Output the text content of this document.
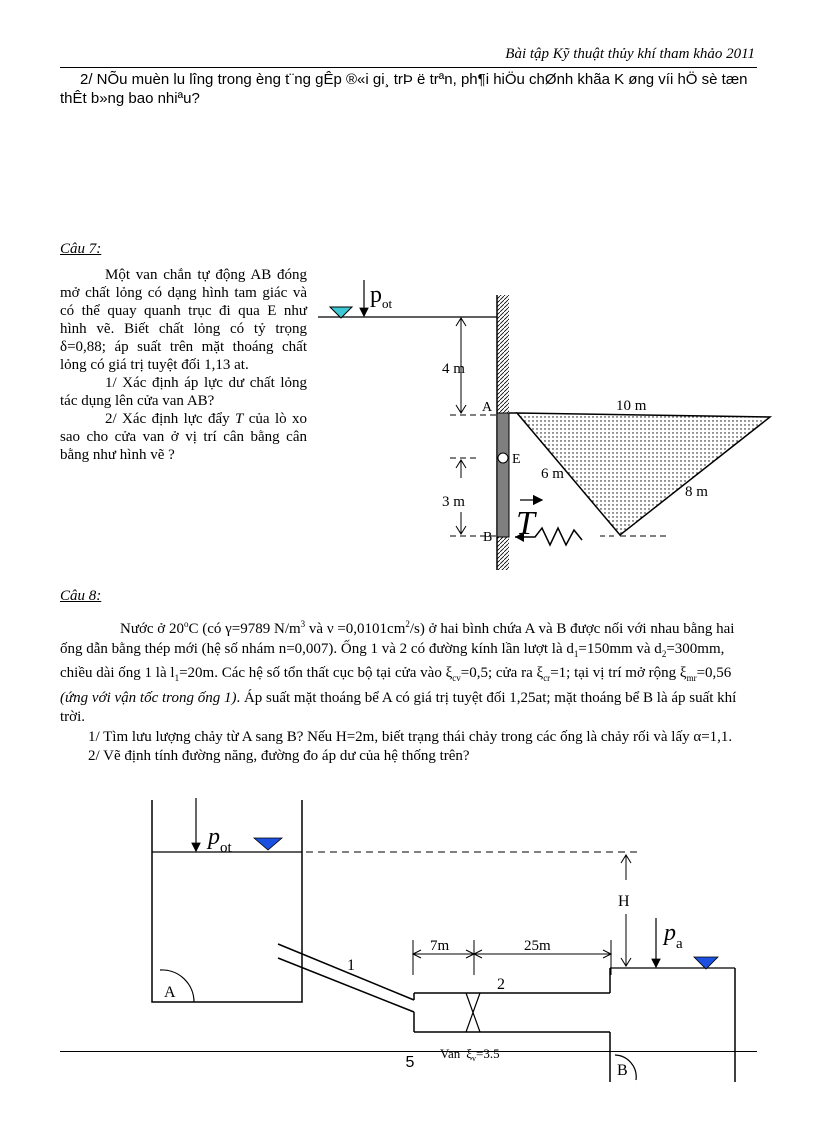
Bài tập Kỹ thuật thủy khí tham khảo 2011
2/ NÕu muèn lu lîng trong èng t¨ng gÊp ®«i gi¸ trÞ ë trªn, ph¶i hiÖu chØnh khãa K øng víi hÖ sè tæn thÊt b»ng bao nhiªu?
Câu 7:

Một van chắn tự động AB đóng mở chất lỏng có dạng hình tam giác và có thể quay quanh trục đi qua E như hình vẽ. Biết chất lỏng có tỷ trọng δ=0,88; áp suất trên mặt thoáng chất lỏng có giá trị tuyệt đối 1,13 at.

1/ Xác định áp lực dư chất lỏng tác dụng lên cửa van AB?

2/ Xác định lực đẩy T của lò xo sao cho cửa van ở vị trí cân bằng cân bằng như hình vẽ ?

$p_{ot}$
4 m
3 m
E
A
B
10 m
6 m
8 m
T
Câu 8:

Nước ở 20$^o$C (có γ=9789 $N/m^3$ và $\nu =0,0101cm^2/s$) ở hai bình chứa A và B được nối với nhau bằng hai ống dẫn bằng thép mới (hệ số nhám n=0,007). Ống 1 và 2 có đường kính lần lượt là $d_1=150mm$ và $d_2=300mm$, chiều dài ống 1 là $l_1=20m$. Các hệ số tổn thất cục bộ tại cửa vào $\xi_{cv}=0,5$; cửa ra $\xi_{cr}=1$; tại vị trí mở rộng $\xi_{mr}=0,56$ (ứng với vận tốc trong ống 1). Áp suất mặt thoáng bể A có giá trị tuyệt đối 1,25at; mặt thoáng bể B là áp suất khí trời.

1/ Tìm lưu lượng chảy từ A sang B? Nếu H=2m, biết trạng thái chảy trong các ống là chảy rối và lấy α=1,1.

2/ Vẽ định tính đường năng, đường đo áp dư của hệ thống trên?

A
$p_{ot}$
1
2
Van $\xi_v=3.5$
7m	25m
B
$p_a$
H
5
